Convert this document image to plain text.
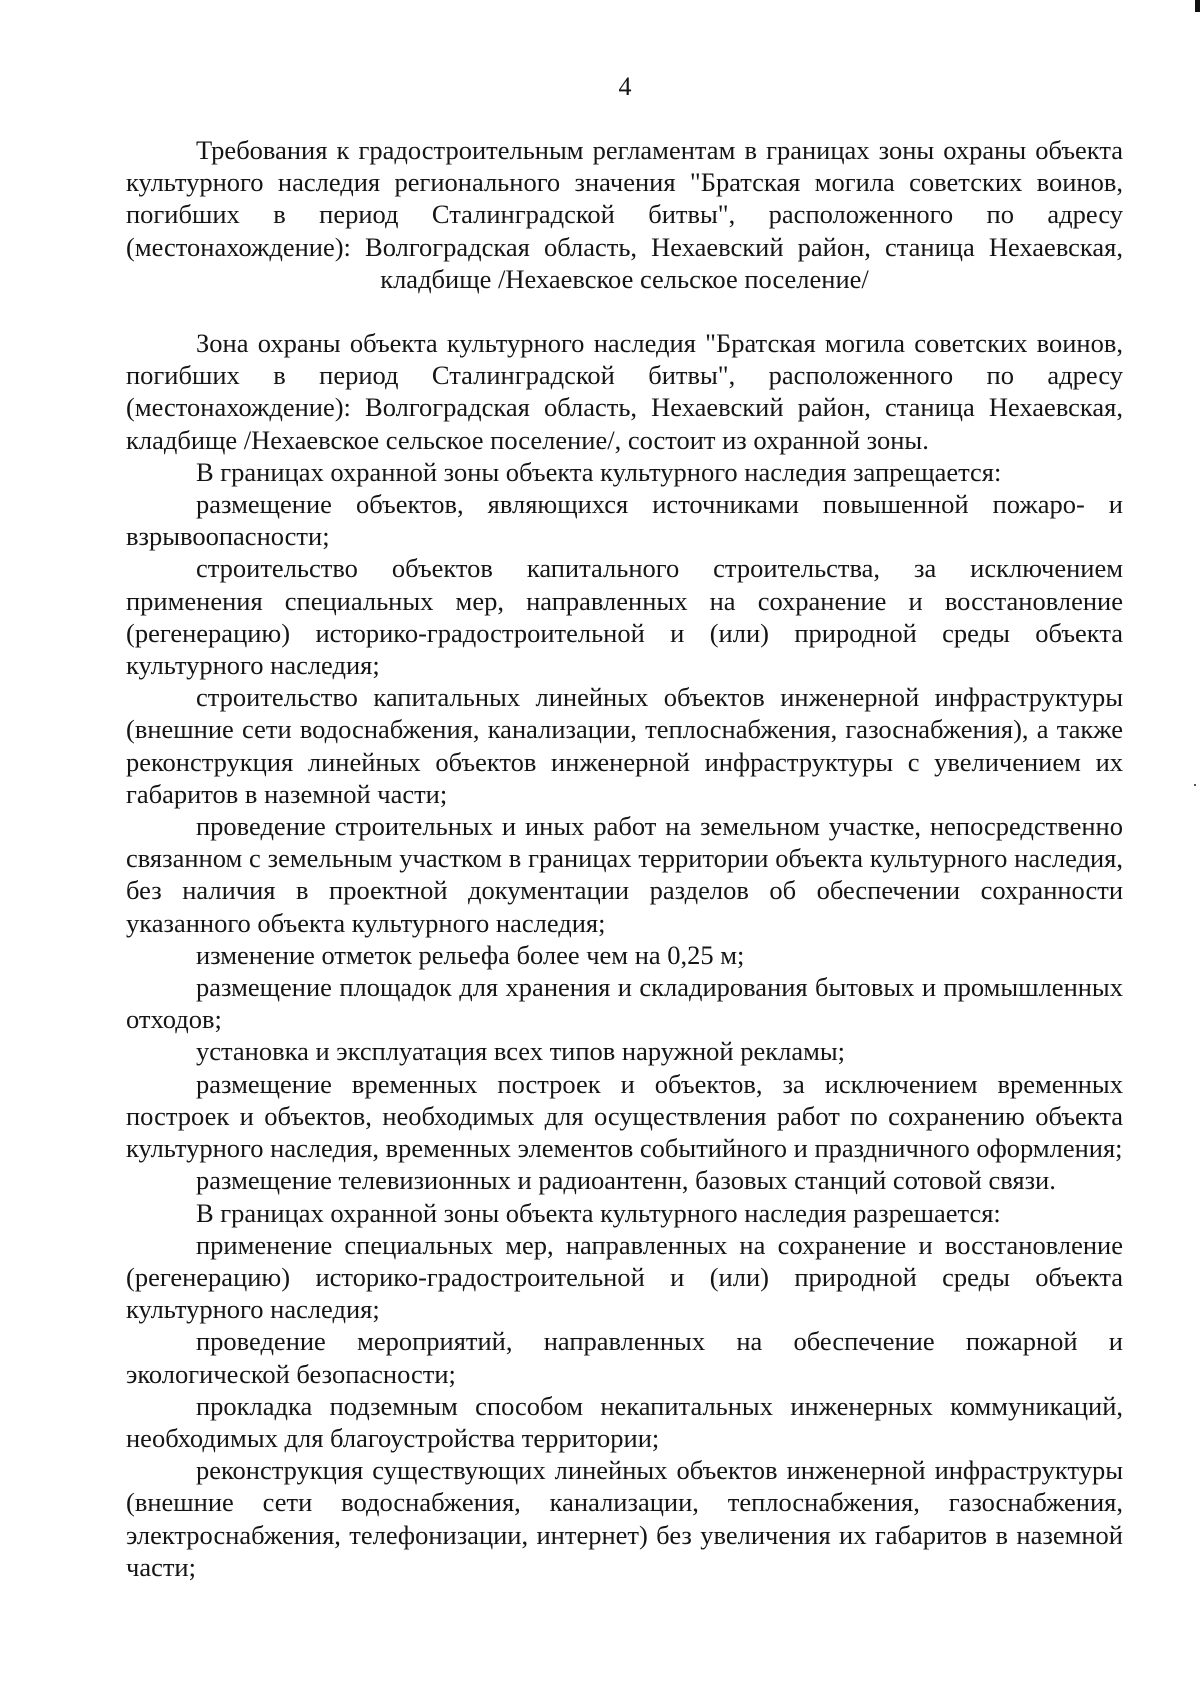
4
Требования к градостроительным регламентам в границах зоны охраны объекта культурного наследия регионального значения "Братская могила советских воинов, погибших в период Сталинградской битвы", расположенного по адресу (местонахождение): Волгоградская область, Нехаевский район, станица Нехаевская, кладбище /Нехаевское сельское поселение/

Зона охраны объекта культурного наследия "Братская могила советских воинов, погибших в период Сталинградской битвы", расположенного по адресу (местонахождение): Волгоградская область, Нехаевский район, станица Нехаевская, кладбище /Нехаевское сельское поселение/, состоит из охранной зоны.

В границах охранной зоны объекта культурного наследия запрещается:

размещение объектов, являющихся источниками повышенной пожаро- и взрывоопасности;

строительство объектов капитального строительства, за исключением применения специальных мер, направленных на сохранение и восстановление (регенерацию) историко-градостроительной и (или) природной среды объекта культурного наследия;

строительство капитальных линейных объектов инженерной инфраструктуры (внешние сети водоснабжения, канализации, теплоснабжения, газоснабжения), а также реконструкция линейных объектов инженерной инфраструктуры с увеличением их габаритов в наземной части;

проведение строительных и иных работ на земельном участке, непосредственно связанном с земельным участком в границах территории объекта культурного наследия, без наличия в проектной документации разделов об обеспечении сохранности указанного объекта культурного наследия;

изменение отметок рельефа более чем на 0,25 м;

размещение площадок для хранения и складирования бытовых и промышленных отходов;

установка и эксплуатация всех типов наружной рекламы;

размещение временных построек и объектов, за исключением временных построек и объектов, необходимых для осуществления работ по сохранению объекта культурного наследия, временных элементов событийного и праздничного оформления;

размещение телевизионных и радиоантенн, базовых станций сотовой связи.

В границах охранной зоны объекта культурного наследия разрешается:

применение специальных мер, направленных на сохранение и восстановление (регенерацию) историко-градостроительной и (или) природной среды объекта культурного наследия;

проведение мероприятий, направленных на обеспечение пожарной и экологической безопасности;

прокладка подземным способом некапитальных инженерных коммуникаций, необходимых для благоустройства территории;

реконструкция существующих линейных объектов инженерной инфраструктуры (внешние сети водоснабжения, канализации, теплоснабжения, газоснабжения, электроснабжения, телефонизации, интернет) без увеличения их габаритов в наземной части;
